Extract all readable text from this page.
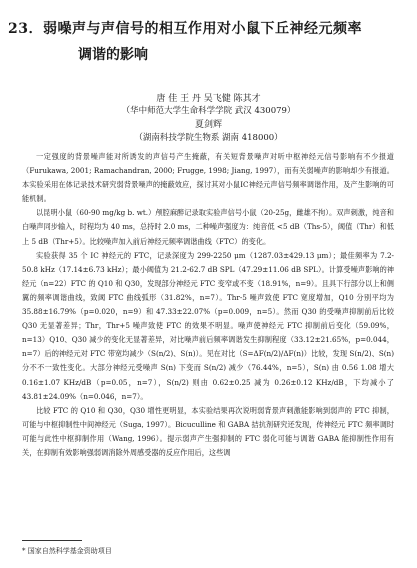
23．弱噪声与声信号的相互作用对小鼠下丘神经元频率
调谐的影响
唐 佳 王 丹 吴飞健 陈其才
（华中师范大学生命科学学院 武汉 430079）
夏剑辉
（湖南科技学院生物系 湖南 418000）

一定强度的背景噪声能对所诱发的声信号产生掩蔽，有关短背景噪声对听中枢神经元信号影响有不少报道（Furukawa, 2001; Ramachandran, 2000; Frugge, 1998; Jiang, 1997），而有关弱噪声的影响却少有报道。本实验采用在体记录技术研究弱背景噪声的掩蔽效应，探讨其对小鼠IC神经元声信号频率调谐作用，及产生影响的可能机制。

以昆明小鼠（60-90 mg/kg b. wt.）颅腔麻醉记录取实验声信号小鼠（20-25g，雌雄不拘）。双声刺激，纯音和白噪声同步输入，时程均为 40 ms，总持时 2.0 ms，二种噪声强度为：纯音低 <5 dB（Ths-5），阈值（Thr）和低上 5 dB（Thr+5）。比较噪声加入前后神经元频率调谐曲线（FTC）的变化。

实验获得 35 个 IC 神经元的 FTC，记录深度为 299-2250 μm（1287.03±429.13 μm）；最佳频率为 7.2-50.8 kHz（17.14±6.73 kHz）；最小阈值为 21.2-62.7 dB SPL（47.29±11.06 dB SPL）。计算受噪声影响的神经元（n=22）FTC 的 Q10 和 Q30，发现部分神经元 FTC 变窄或不变（18.91%，n=9）。且具下行部分以上和侧翼的频率调谐曲线，致阈 FTC 曲线弧形（31.82%，n=7）。Thr-5 噪声致使 FTC 宽度增加，Q10 分别平均为 35.88±16.79%（p=0.020，n=9）和 47.33±22.07%（p=0.009，n=5）。然而 Q30 的受噪声抑制前后比较 Q30 无显著差异；Thr，Thr+5 噪声致使 FTC 的效果不明显。噪声使神经元 FTC 抑制前后变化（59.09%，n=13）Q10、Q30 减少的变化无显著差异，对比噪声前后频率调谐发生抑制程度（33.12±21.65%，p=0.044，n=7）后的神经元对 FTC 带宽均减少（S(n/2)、S(n)）。见在对比（S=ΔF(n/2)/ΔF(n)）比较，发现 S(n/2)、S(n) 分不不一致性变化。大部分神经元受噪声 S(n) 下变而 S(n/2) 减少（76.44%，n=5），S(n) 由 0.56 1.08 增大 0.16±1.07 KHz/dB（p=0.05，n=7），S(n/2) 则由 0.62±0.25 减为 0.26±0.12 KHz/dB，下均减小了 43.81±24.09%（n=0.046，n=7）。

比较 FTC 的 Q10 和 Q30，Q30 增性更明显，本实验结果再次说明弱背景声刺激能影响到弱声的 FTC 抑制，可能与中枢抑制性中间神经元（Suga, 1997）。Bicuculline 和 GABA 拮抗剂研究还发现，传神经元 FTC 频率调时可能与此性中枢抑制作用（Wang, 1996）。提示弱声产生强抑制的 FTC 弱化可能与调谐 GABA 能抑制性作用有关，在抑制有效影响强弱调消除外周感受器的反应作用后，这些调

* 国家自然科学基金资助项目
